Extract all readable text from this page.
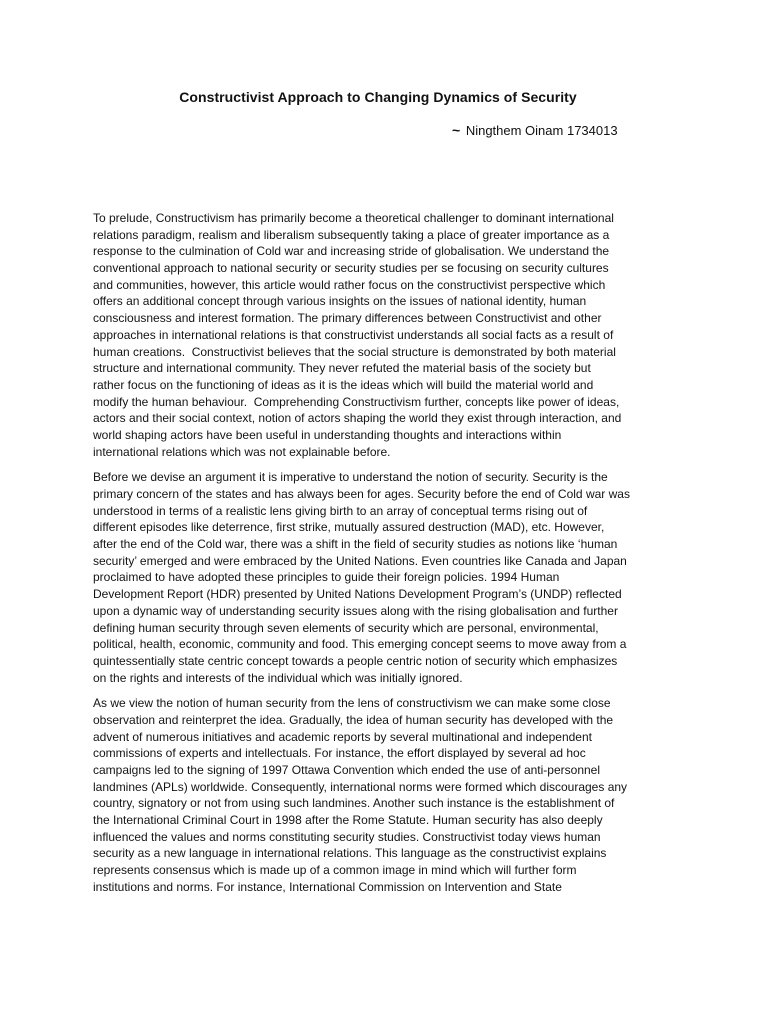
Constructivist Approach to Changing Dynamics of Security
~ Ningthem Oinam 1734013
To prelude, Constructivism has primarily become a theoretical challenger to dominant international
relations paradigm, realism and liberalism subsequently taking a place of greater importance as a
response to the culmination of Cold war and increasing stride of globalisation. We understand the
conventional approach to national security or security studies per se focusing on security cultures
and communities, however, this article would rather focus on the constructivist perspective which
offers an additional concept through various insights on the issues of national identity, human
consciousness and interest formation. The primary differences between Constructivist and other
approaches in international relations is that constructivist understands all social facts as a result of
human creations.  Constructivist believes that the social structure is demonstrated by both material
structure and international community. They never refuted the material basis of the society but
rather focus on the functioning of ideas as it is the ideas which will build the material world and
modify the human behaviour.  Comprehending Constructivism further, concepts like power of ideas,
actors and their social context, notion of actors shaping the world they exist through interaction, and
world shaping actors have been useful in understanding thoughts and interactions within
international relations which was not explainable before.
Before we devise an argument it is imperative to understand the notion of security. Security is the
primary concern of the states and has always been for ages. Security before the end of Cold war was
understood in terms of a realistic lens giving birth to an array of conceptual terms rising out of
different episodes like deterrence, first strike, mutually assured destruction (MAD), etc. However,
after the end of the Cold war, there was a shift in the field of security studies as notions like ‘human
security’ emerged and were embraced by the United Nations. Even countries like Canada and Japan
proclaimed to have adopted these principles to guide their foreign policies. 1994 Human
Development Report (HDR) presented by United Nations Development Program’s (UNDP) reflected
upon a dynamic way of understanding security issues along with the rising globalisation and further
defining human security through seven elements of security which are personal, environmental,
political, health, economic, community and food. This emerging concept seems to move away from a
quintessentially state centric concept towards a people centric notion of security which emphasizes
on the rights and interests of the individual which was initially ignored.
As we view the notion of human security from the lens of constructivism we can make some close
observation and reinterpret the idea. Gradually, the idea of human security has developed with the
advent of numerous initiatives and academic reports by several multinational and independent
commissions of experts and intellectuals. For instance, the effort displayed by several ad hoc
campaigns led to the signing of 1997 Ottawa Convention which ended the use of anti-personnel
landmines (APLs) worldwide. Consequently, international norms were formed which discourages any
country, signatory or not from using such landmines. Another such instance is the establishment of
the International Criminal Court in 1998 after the Rome Statute. Human security has also deeply
influenced the values and norms constituting security studies. Constructivist today views human
security as a new language in international relations. This language as the constructivist explains
represents consensus which is made up of a common image in mind which will further form
institutions and norms. For instance, International Commission on Intervention and State
